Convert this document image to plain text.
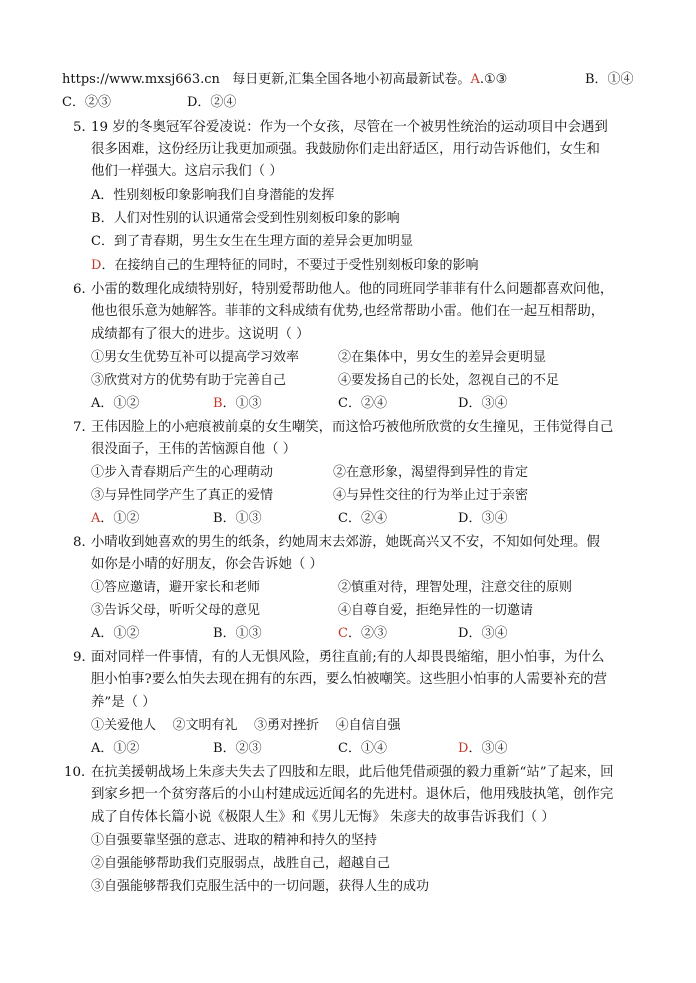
https://www.mxsj663.cn 每日更新,汇集全国各地小初高最新试卷。A.①③	B．①④
C．②③	D．②④
5．
19 岁的冬奥冠军谷爱凌说：作为一个女孩，尽管在一个被男性统治的运动项目中会遇到
很多困难，这份经历让我更加顽强。我鼓励你们走出舒适区，用行动告诉他们，女生和
他们一样强大。这启示我们（ ）
A．性别刻板印象影响我们自身潜能的发挥
B．人们对性别的认识通常会受到性别刻板印象的影响
C．到了青春期，男生女生在生理方面的差异会更加明显
D．在接纳自己的生理特征的同时，不要过于受性别刻板印象的影响
6．
小雷的数理化成绩特别好，特别爱帮助他人。他的同班同学菲菲有什么问题都喜欢问他，
他也很乐意为她解答。菲菲的文科成绩有优势,也经常帮助小雷。他们在一起互相帮助，
成绩都有了很大的进步。这说明（ ）
①男女生优势互补可以提高学习效率	②在集体中，男女生的差异会更明显
③欣赏对方的优势有助于完善自己	④要发扬自己的长处，忽视自己的不足
A．①②	B．①③	C．②④	D．③④
7．
王伟因脸上的小疤痕被前桌的女生嘲笑，而这恰巧被他所欣赏的女生撞见，王伟觉得自己
很没面子，王伟的苦恼源自他（ ）
①步入青春期后产生的心理萌动	②在意形象，渴望得到异性的肯定
③与异性同学产生了真正的爱情	④与异性交往的行为举止过于亲密
A．①②	B．①③	C．②④	D．③④
8．
小晴收到她喜欢的男生的纸条，约她周末去郊游，她既高兴又不安，不知如何处理。假
如你是小晴的好朋友，你会告诉她（ ）
①答应邀请，避开家长和老师	②慎重对待，理智处理，注意交往的原则
③告诉父母，听听父母的意见	④自尊自爱，拒绝异性的一切邀请
A．①②	B．①③	C．②③	D．③④
9．
面对同样一件事情，有的人无惧风险，勇往直前;有的人却畏畏缩缩，胆小怕事，为什么
胆小怕事?要么怕失去现在拥有的东西，要么怕被嘲笑。这些胆小怕事的人需要补充的营
养”是（ ）
①关爱他人    ②文明有礼    ③勇对挫折    ④自信自强
A．①②	B．②③	C．①④	D．③④
10．
在抗美援朝战场上朱彦夫失去了四肢和左眼，此后他凭借顽强的毅力重新“站”了起来，回
到家乡把一个贫穷落后的小山村建成远近闻名的先进村。退休后，他用残肢执笔，创作完
成了自传体长篇小说《极限人生》和《男儿无悔》 朱彦夫的故事告诉我们（ ）
①自强要靠坚强的意志、进取的精神和持久的坚持
②自强能够帮助我们克服弱点，战胜自己，超越自己
③自强能够帮我们克服生活中的一切问题，获得人生的成功
